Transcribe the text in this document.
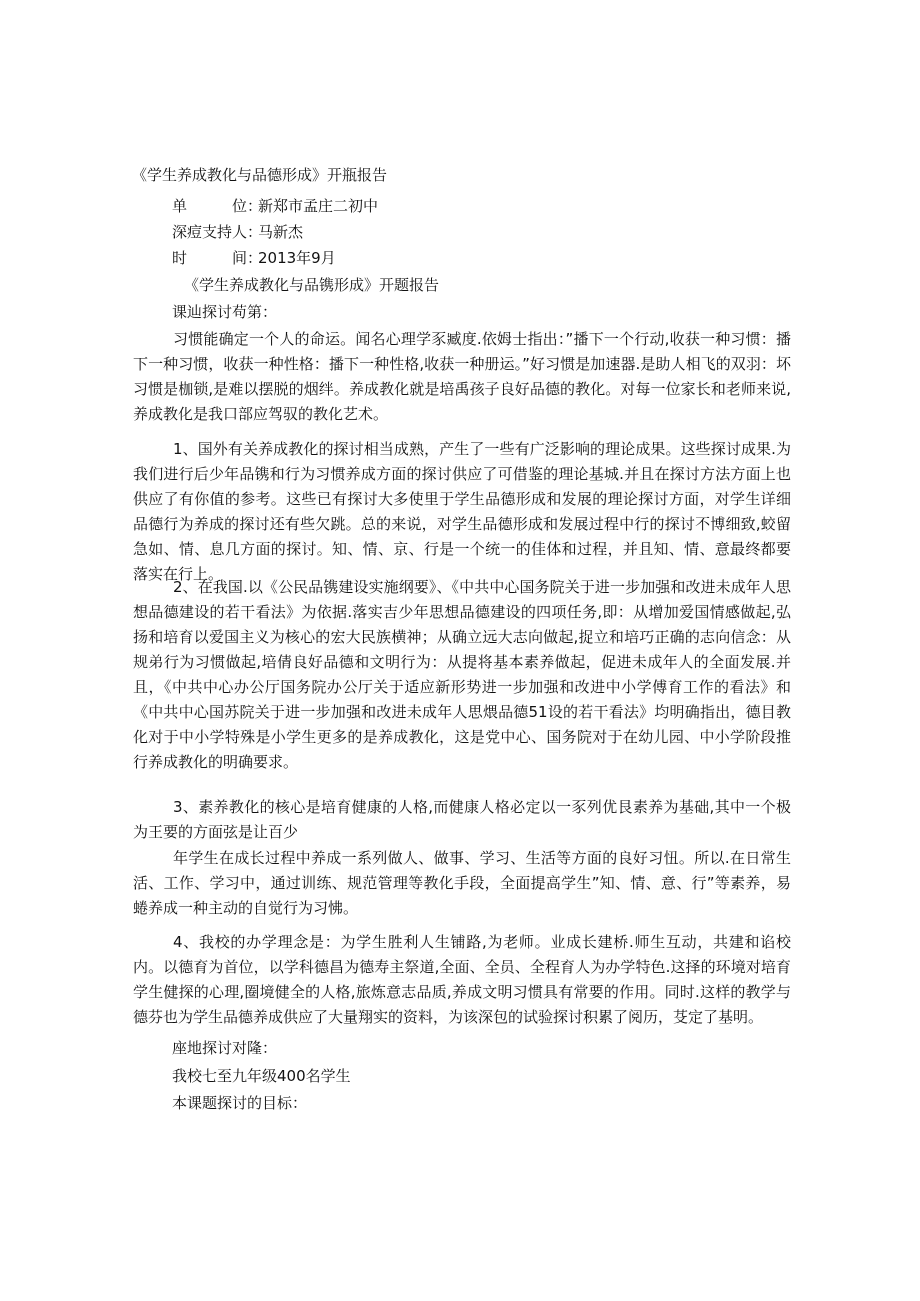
《学生养成教化与品德形成》开瓶报告
单　　　位：新郑市孟庄二初中
深痘支持人：马新杰
时　　　间：2013年9月
《学生养成教化与品镌形成》开题报告
课辿探讨苟第：

习惯能确定一个人的命运。闻名心理学豕臧度.依姆士指出：”播下一个行动,收获一种习惯：播下一种习惯，收获一种性格：播下一种性格,收获一种册运。”好习惯是加速器.是助人相飞的双羽：坏习惯是枷锁,是难以摆脱的烟绊。养成教化就是培禹孩子良好品德的教化。对每一位家长和老师来说,养成教化是我口部应驾驭的教化艺术。

1、国外有关养成教化的探讨相当成熟，产生了一些有广泛影响的理论成果。这些探讨成果.为我们进行后少年品镌和行为习惯养成方面的探讨供应了可借鉴的理论基城.并且在探讨方法方面上也供应了有你值的参考。这些已有探讨大多使里于学生品德形成和发展的理论探讨方面，对学生详细品德行为养成的探讨还有些欠跳。总的来说，对学生品德形成和发展过程中行的探讨不博细致,蛟留急如、情、息几方面的探讨。知、情、京、行是一个统一的佳体和过程，并且知、情、意最终都要落实在行上。

2、在我国.以《公民品镌建设实施纲要》、《中共中心国务院关于进一步加强和改进未成年人思想品德建设的若干看法》为依据.落实吉少年思想品德建设的四项任务,即：从增加爱国情感做起,弘扬和培育以爱国主义为核心的宏大民族横神；从确立远大志向做起,捉立和培巧正确的志向信念：从规弟行为习惯做起,培倩良好品德和文明行为：从提将基本素养做起，促进未成年人的全面发展.并且，《中共中心办公厅国务院办公厅关于适应新形势进一步加强和改进中小学傅育工作的看法》和《中共中心国苏院关于进一步加强和改进未成年人思煨品德51设的若干看法》均明确指出，德目教化对于中小学特殊是小学生更多的是养成教化，这是党中心、国务院对于在幼儿园、中小学阶段推行养成教化的明确要求。

3、素养教化的核心是培育健康的人格,而健康人格必定以一豕列优艮素养为基础,其中一个极为王要的方面弦是让百少

年学生在成长过程中养成一系列做人、做事、学习、生活等方面的良好习忸。所以.在日常生活、工作、学习中，通过训练、规范管理等教化手段，全面提高学生”知、情、意、行”等素养，易蜷养成一种主动的自觉行为习怫。

4、我校的办学理念是：为学生胜利人生铺路,为老师。业成长建桥.师生互动，共建和谄校内。以德育为首位，以学科德昌为德寿主祭道,全面、全员、全程育人为办学特色.这择的环境对培育学生健探的心理,圈境健全的人格,旅炼意志品质,养成文明习惯具有常要的作用。同时.这样的教学与德芬也为学生品德养成供应了大量翔实的资料，为该深包的试验探讨积累了阅历，芟定了基明。

座地探讨对隆：
我校七至九年级400名学生
本课题探讨的目标：
